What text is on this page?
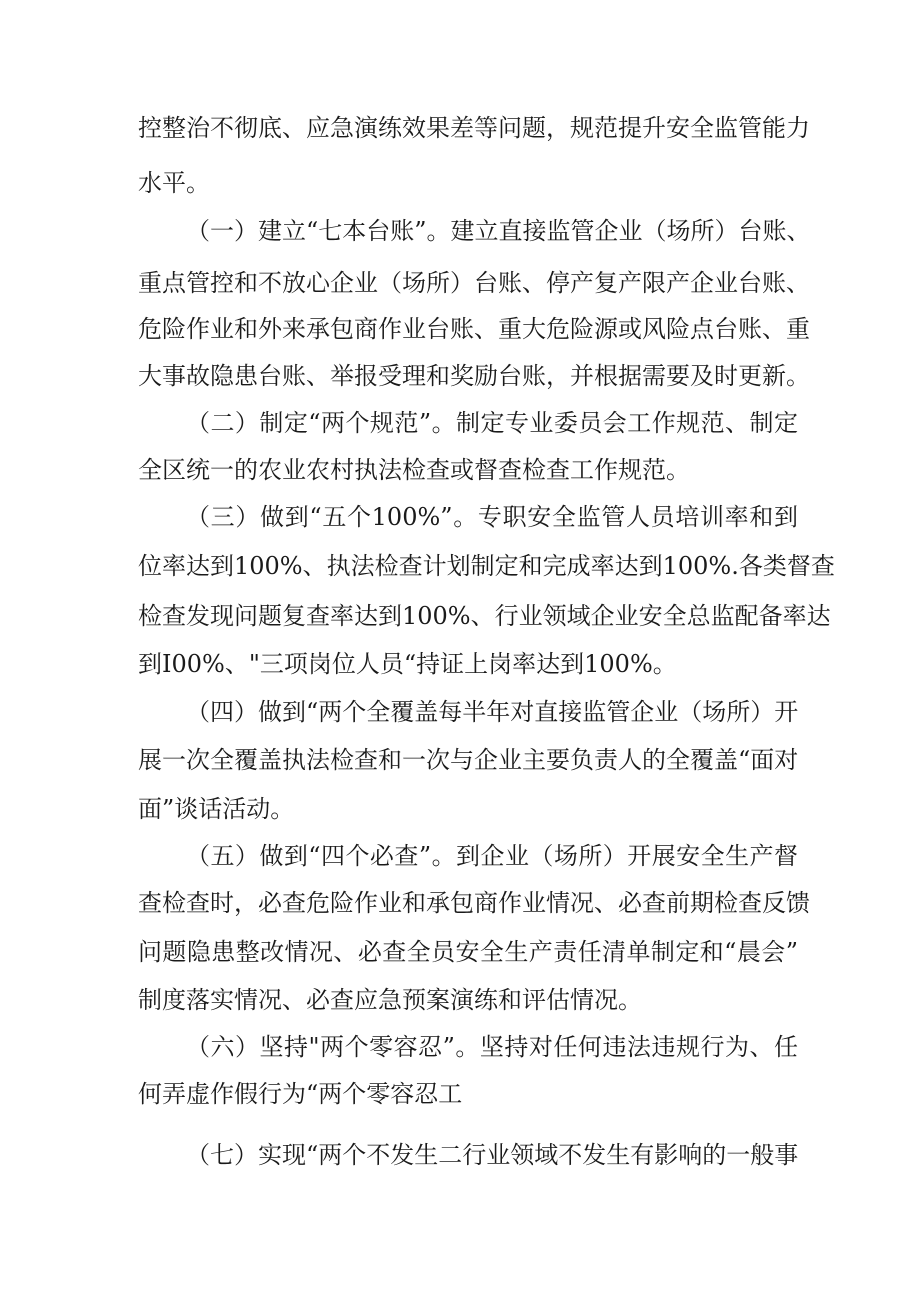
控整治不彻底、应急演练效果差等问题，规范提升安全监管能力
水平。
（一）建立“七本台账”。建立直接监管企业（场所）台账、
重点管控和不放心企业（场所）台账、停产复产限产企业台账、
危险作业和外来承包商作业台账、重大危险源或风险点台账、重
大事故隐患台账、举报受理和奖励台账，并根据需要及时更新。
（二）制定“两个规范”。制定专业委员会工作规范、制定
全区统一的农业农村执法检查或督查检查工作规范。
（三）做到“五个100%”。专职安全监管人员培训率和到
位率达到100%、执法检查计划制定和完成率达到100%.各类督查
检查发现问题复查率达到100%、行业领域企业安全总监配备率达
到I00%、"三项岗位人员“持证上岗率达到100%。
（四）做到“两个全覆盖每半年对直接监管企业（场所）开
展一次全覆盖执法检查和一次与企业主要负责人的全覆盖“面对
面”谈话活动。
（五）做到“四个必查”。到企业（场所）开展安全生产督
查检查时，必查危险作业和承包商作业情况、必查前期检查反馈
问题隐患整改情况、必查全员安全生产责任清单制定和“晨会”
制度落实情况、必查应急预案演练和评估情况。
（六）坚持"两个零容忍”。坚持对任何违法违规行为、任
何弄虚作假行为“两个零容忍工
（七）实现“两个不发生二行业领域不发生有影响的一般事
